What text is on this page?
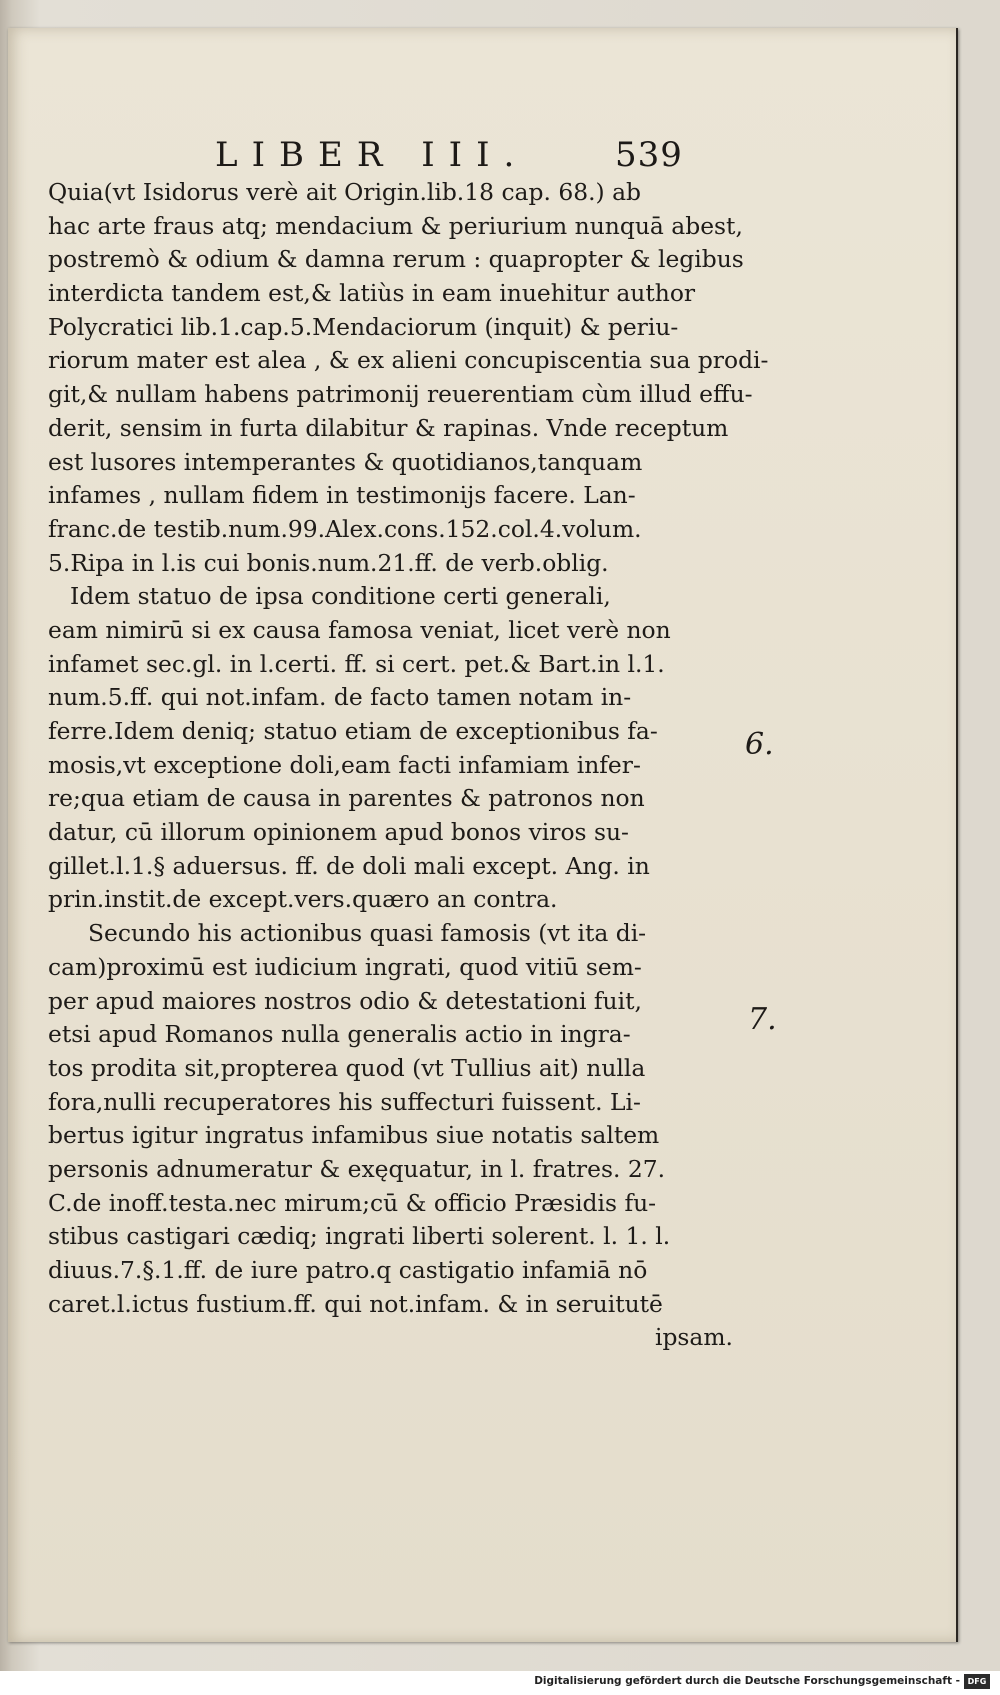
LIBER III.	539
Quia(vt Isidorus verè ait Origin.lib.18 cap. 68.) ab
hac arte fraus atq; mendacium & periurium nunquā abest,
postremò & odium & damna rerum : quapropter & legibus
interdicta tandem est,& latiùs in eam inuehitur author
Polycratici lib.1.cap.5.Mendaciorum (inquit) & periu-
riorum mater est alea , & ex alieni concupiscentia sua prodi-
git,& nullam habens patrimonij reuerentiam cùm illud effu-
derit, sensim in furta dilabitur & rapinas. Vnde receptum
est lusores intemperantes & quotidianos,tanquam
infames , nullam fidem in testimonijs facere. Lan-
franc.de testib.num.99.Alex.cons.152.col.4.volum.
5.Ripa in l.is cui bonis.num.21.ff. de verb.oblig.
Idem statuo de ipsa conditione certi generali,
eam nimirū si ex causa famosa veniat, licet verè non
infamet sec.gl. in l.certi. ff. si cert. pet.& Bart.in l.1.
num.5.ff. qui not.infam. de facto tamen notam in-
ferre.Idem deniq; statuo etiam de exceptionibus fa-
mosis,vt exceptione doli,eam facti infamiam infer-
re;qua etiam de causa in parentes & patronos non
datur, cū illorum opinionem apud bonos viros su-
gillet.l.1.§ aduersus. ff. de doli mali except. Ang. in
prin.instit.de except.vers.quæro an contra.
Secundo his actionibus quasi famosis (vt ita di-
cam)proximū est iudicium ingrati, quod vitiū sem-
per apud maiores nostros odio & detestationi fuit,
etsi apud Romanos nulla generalis actio in ingra-
tos prodita sit,propterea quod (vt Tullius ait) nulla
fora,nulli recuperatores his suffecturi fuissent. Li-
bertus igitur ingratus infamibus siue notatis saltem
personis adnumeratur & exęquatur, in l. fratres. 27.
C.de inoff.testa.nec mirum;cū & officio Præsidis fu-
stibus castigari cædiq; ingrati liberti solerent. l. 1. l.
diuus.7.§.1.ff. de iure patro.q castigatio infamiā nō
caret.l.ictus fustium.ff. qui not.infam. & in seruitutē
ipsam.
6.
7.
Digitalisierung gefördert durch die Deutsche Forschungsgemeinschaft - DFG
